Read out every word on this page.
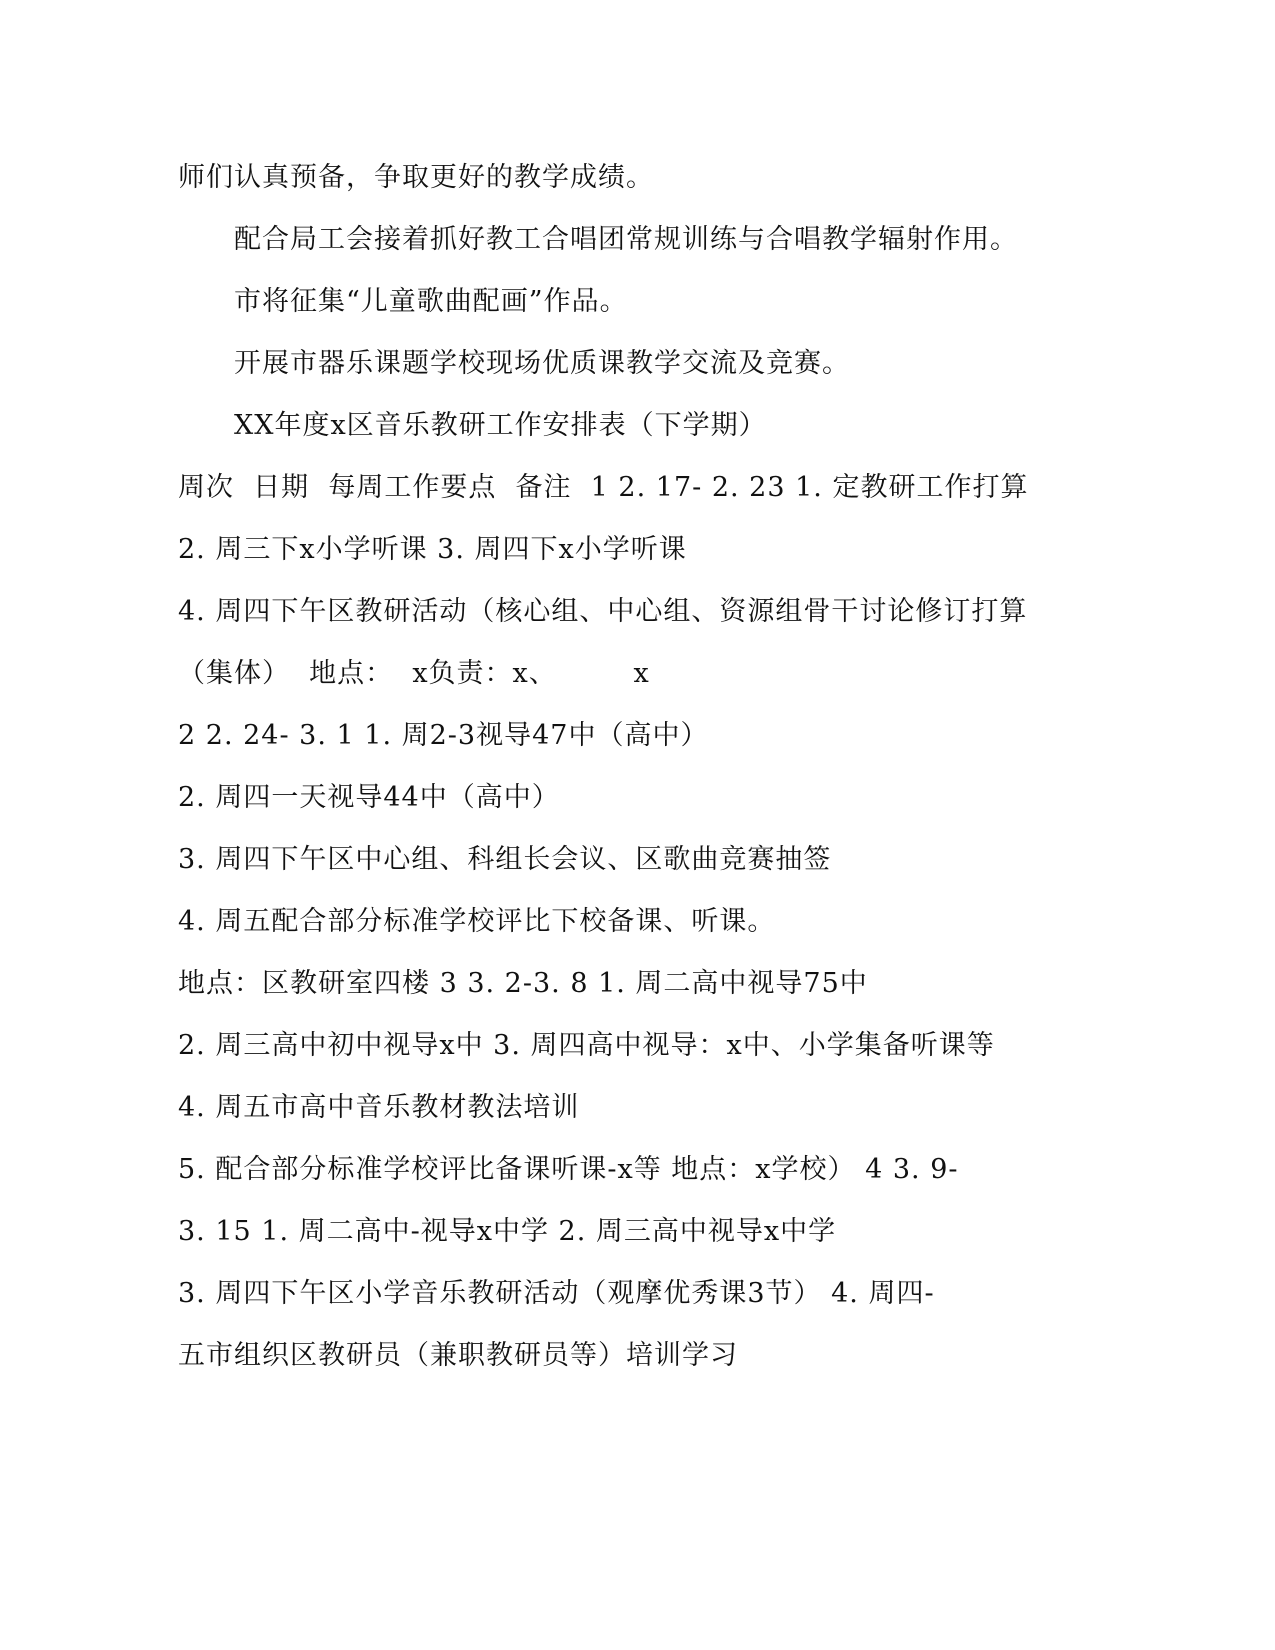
师们认真预备，争取更好的教学成绩。

配合局工会接着抓好教工合唱团常规训练与合唱教学辐射作用。

市将征集“儿童歌曲配画”作品。

开展市器乐课题学校现场优质课教学交流及竞赛。

XX年度x区音乐教研工作安排表（下学期）

周次  日期  每周工作要点  备注  1 2. 17- 2. 23 1. 定教研工作打算

2. 周三下x小学听课 3. 周四下x小学听课

4. 周四下午区教研活动（核心组、中心组、资源组骨干讨论修订打算

（集体）  地点：  x负责：x、        x

2 2. 24- 3. 1 1. 周2-3视导47中（高中）

2. 周四一天视导44中（高中）

3. 周四下午区中心组、科组长会议、区歌曲竞赛抽签

4. 周五配合部分标准学校评比下校备课、听课。

地点：区教研室四楼 3 3. 2-3. 8 1. 周二高中视导75中

2. 周三高中初中视导x中 3. 周四高中视导：x中、小学集备听课等

4. 周五市高中音乐教材教法培训

5. 配合部分标准学校评比备课听课-x等 地点：x学校） 4 3. 9-

3. 15 1. 周二高中-视导x中学 2. 周三高中视导x中学

3. 周四下午区小学音乐教研活动（观摩优秀课3节） 4. 周四-

五市组织区教研员（兼职教研员等）培训学习
